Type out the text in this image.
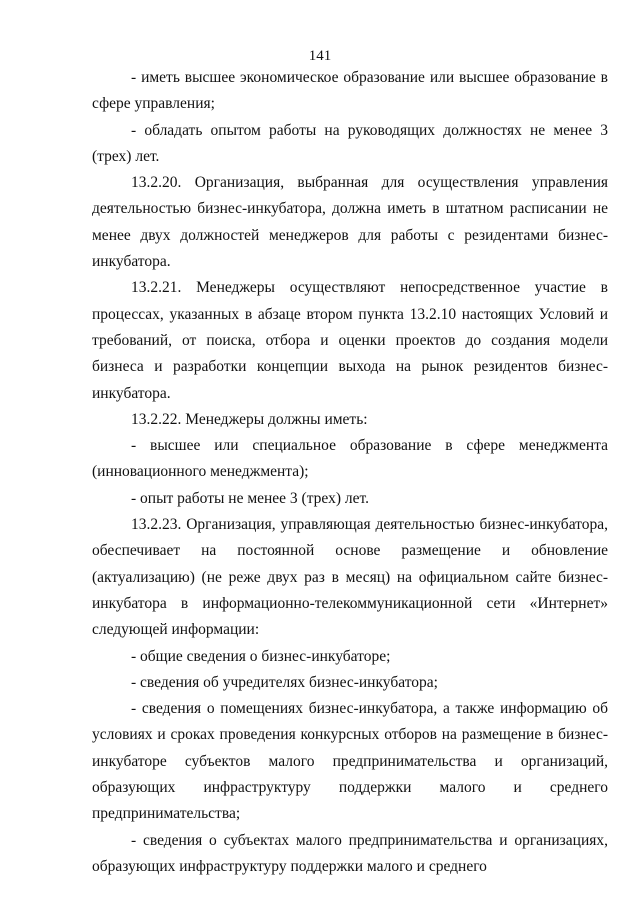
141

- иметь высшее экономическое образование или высшее образование в сфере управления;

- обладать опытом работы на руководящих должностях не менее 3 (трех) лет.

13.2.20. Организация, выбранная для осуществления управления деятельностью бизнес-инкубатора, должна иметь в штатном расписании не менее двух должностей менеджеров для работы с резидентами бизнес-инкубатора.

13.2.21. Менеджеры осуществляют непосредственное участие в процессах, указанных в абзаце втором пункта 13.2.10 настоящих Условий и требований, от поиска, отбора и оценки проектов до создания модели бизнеса и разработки концепции выхода на рынок резидентов бизнес-инкубатора.

13.2.22. Менеджеры должны иметь:

- высшее или специальное образование в сфере менеджмента (инновационного менеджмента);

- опыт работы не менее 3 (трех) лет.

13.2.23. Организация, управляющая деятельностью бизнес-инкубатора, обеспечивает на постоянной основе размещение и обновление (актуализацию) (не реже двух раз в месяц) на официальном сайте бизнес-инкубатора в информационно-телекоммуникационной сети «Интернет» следующей информации:

- общие сведения о бизнес-инкубаторе;

- сведения об учредителях бизнес-инкубатора;

- сведения о помещениях бизнес-инкубатора, а также информацию об условиях и сроках проведения конкурсных отборов на размещение в бизнес-инкубаторе субъектов малого предпринимательства и организаций, образующих инфраструктуру поддержки малого и среднего предпринимательства;

- сведения о субъектах малого предпринимательства и организациях, образующих инфраструктуру поддержки малого и среднего
